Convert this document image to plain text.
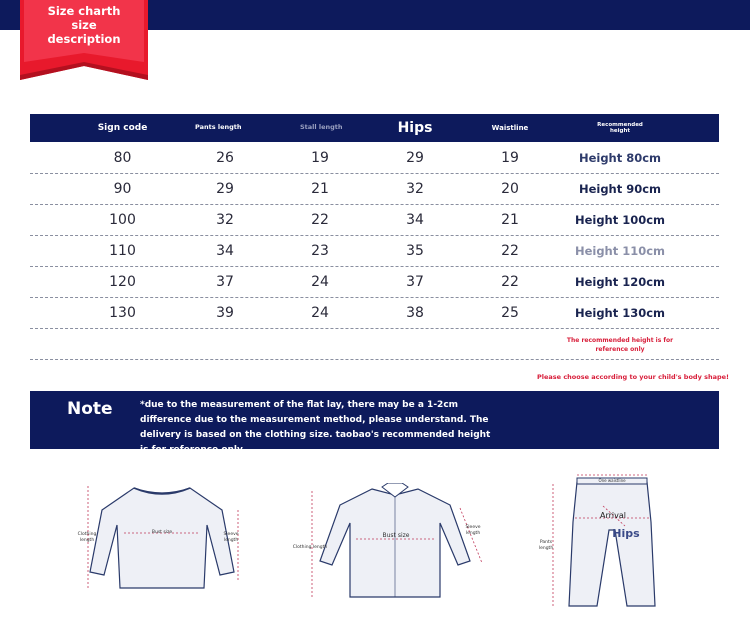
Size charth
size
description
Sign code	Pants length	Stall length	Hips	Waistline	Recommended height
80	26	19	29	19	Height 80cm
90	29	21	32	20	Height 90cm
100	32	22	34	21	Height 100cm
110	34	23	35	22	Height 110cm
120	37	24	37	22	Height 120cm
130	39	24	38	25	Height 130cm
The recommended height is for reference only
Please choose according to your child's body shape!
Note	*due to the measurement of the flat lay, there may be a 1-2cm difference due to the measurement method, please understand. The delivery is based on the clothing size. taobao's recommended height is for reference only.
Clothing length
Bust size	Sleeve length
Clothing length
Bust size
Sleeve length
One waistline
Arrival
Hips
Pants length
